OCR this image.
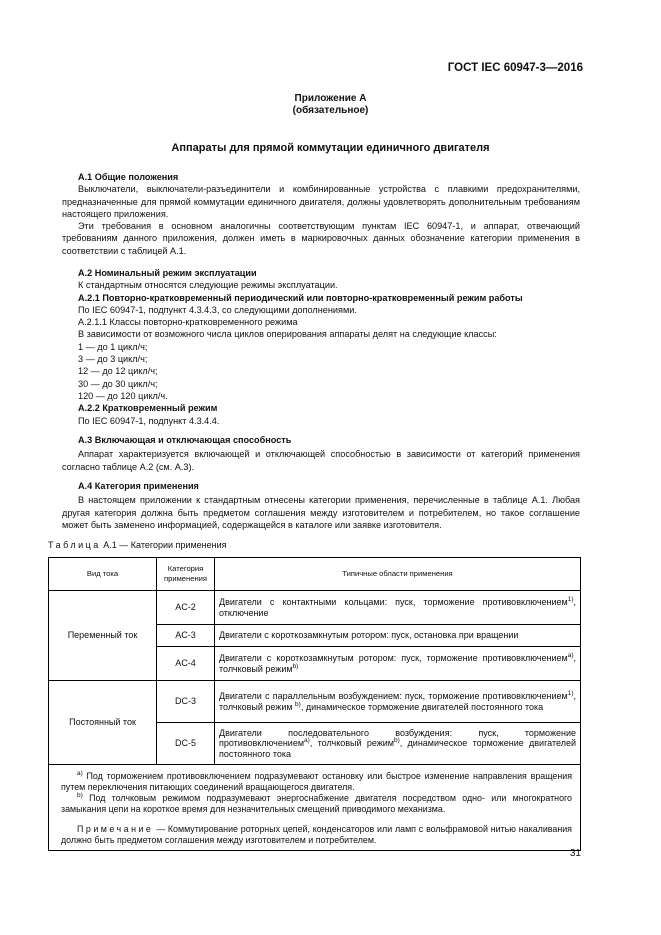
ГОСТ IEC 60947-3—2016
Приложение А
(обязательное)
Аппараты для прямой коммутации единичного двигателя

А.1 Общие положения

Выключатели, выключатели-разъединители и комбинированные устройства с плавкими предохранителями, предназначенные для прямой коммутации единичного двигателя, должны удовлетворять дополнительным требованиям настоящего приложения.

Эти требования в основном аналогичны соответствующим пунктам IEC 60947-1, и аппарат, отвечающий требованиям данного приложения, должен иметь в маркировочных данных обозначение категории применения в соответствии с таблицей А.1.

А.2 Номинальный режим эксплуатации

К стандартным относятся следующие режимы эксплуатации.

А.2.1 Повторно-кратковременный периодический или повторно-кратковременный режим работы

По IEC 60947-1, подпункт 4.3.4.3, со следующими дополнениями.

А.2.1.1 Классы повторно-кратковременного режима

В зависимости от возможного числа циклов оперирования аппараты делят на следующие классы:

1 — до 1 цикл/ч;

3 — до 3 цикл/ч;

12 — до 12 цикл/ч;

30 — до 30 цикл/ч;

120 — до 120 цикл/ч.

А.2.2 Кратковременный режим

По IEC 60947-1, подпункт 4.3.4.4.

А.3 Включающая и отключающая способность

Аппарат характеризуется включающей и отключающей способностью в зависимости от категорий применения согласно таблице А.2 (см. А.3).

А.4 Категория применения

В настоящем приложении к стандартным отнесены категории применения, перечисленные в таблице А.1. Любая другая категория должна быть предметом соглашения между изготовителем и потребителем, но такое соглашение может быть заменено информацией, содержащейся в каталоге или заявке изготовителя.

Таблица А.1 — Категории применения
Вид тока	Категория применения	Типичные области применения
Переменный ток	AC-2	Двигатели с контактными кольцами: пуск, торможение противовключением$^{1)}$, отключение
	AC-3	Двигатели с короткозамкнутым ротором: пуск, остановка при вращении
	AC-4	Двигатели с короткозамкнутым ротором: пуск, торможение противовключением$^{а)}$, толчковый режим$^{b)}$
Постоянный ток	DC-3	Двигатели с параллельным возбуждением: пуск, торможение противовключением$^{1)}$, толчковый режим $^{b)}$, динамическое торможение двигателей постоянного тока
	DC-5	Двигатели последовательного возбуждения: пуск, торможение противовключением$^{а)}$, толчковый режим$^{b)}$, динамическое торможение двигателей постоянного тока

$^{а)}$ Под торможением противовключением подразумевают остановку или быстрое изменение направления вращения путем переключения питающих соединений вращающегося двигателя.

$^{b)}$ Под толчковым режимом подразумевают энергоснабжение двигателя посредством одно- или многократного замыкания цепи на короткое время для незначительных смещений приводимого механизма.

Примечание — Коммутирование роторных цепей, конденсаторов или ламп с вольфрамовой нитью накаливания должно быть предметом соглашения между изготовителем и потребителем.		

31
